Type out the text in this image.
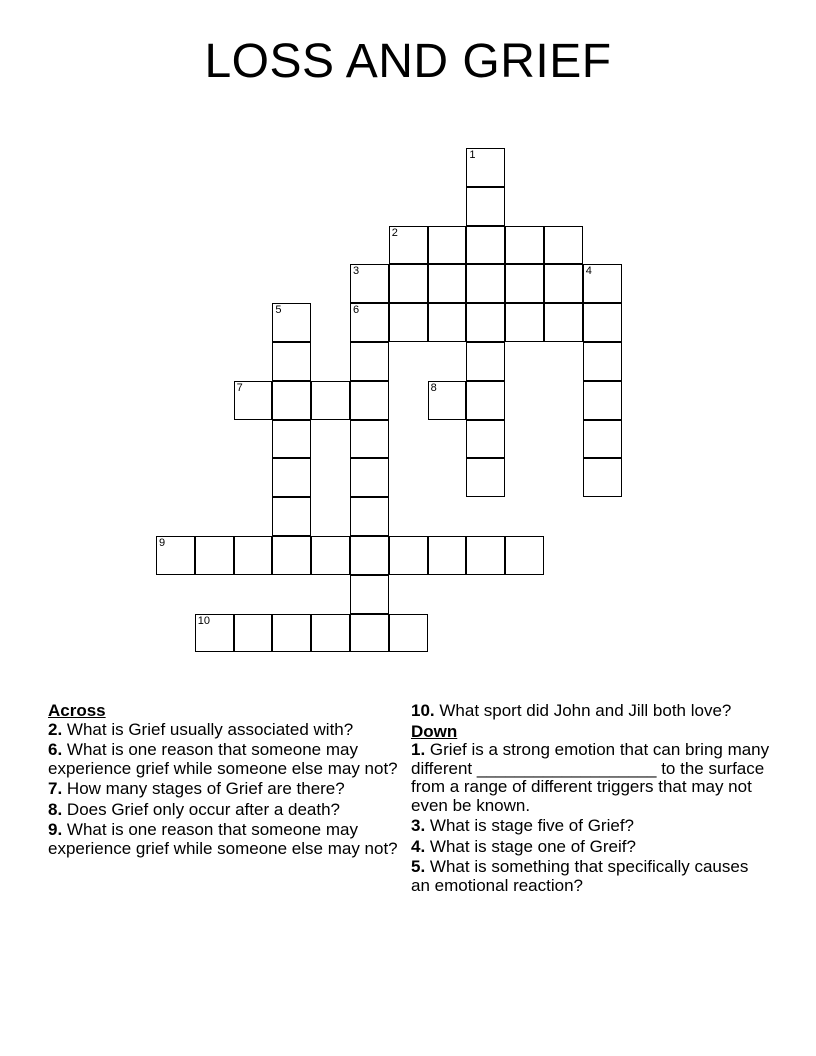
LOSS AND GRIEF
1
2
3	4
5	6
7	8
9
10
Across
2. What is Grief usually associated with?
6. What is one reason that someone may experience grief while someone else may not?
7. How many stages of Grief are there?
8. Does Grief only occur after a death?
9. What is one reason that someone may experience grief while someone else may not?
10. What sport did John and Jill both love?
Down
1. Grief is a strong emotion that can bring many different ___________________ to the surface from a range of different triggers that may not even be known.
3. What is stage five of Grief?
4. What is stage one of Greif?
5. What is something that specifically causes an emotional reaction?
